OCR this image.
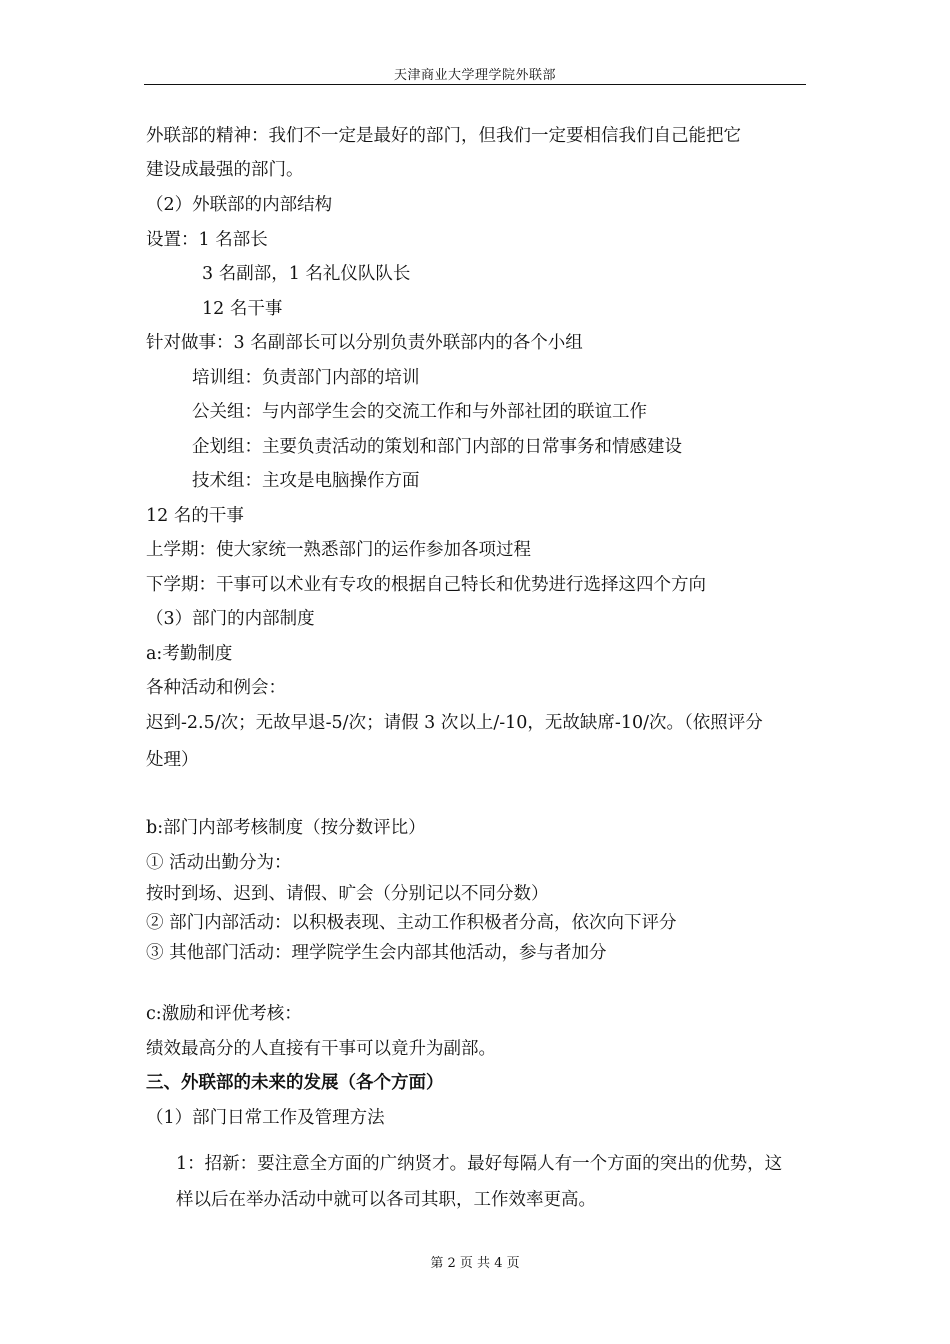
天津商业大学理学院外联部
外联部的精神：我们不一定是最好的部门，但我们一定要相信我们自己能把它
建设成最强的部门。
（2）外联部的内部结构
设置：1 名部长
3 名副部，1 名礼仪队队长
12 名干事
针对做事：3 名副部长可以分别负责外联部内的各个小组
培训组：负责部门内部的培训
公关组：与内部学生会的交流工作和与外部社团的联谊工作
企划组：主要负责活动的策划和部门内部的日常事务和情感建设
技术组：主攻是电脑操作方面
12 名的干事
上学期：使大家统一熟悉部门的运作参加各项过程
下学期：干事可以术业有专攻的根据自己特长和优势进行选择这四个方向
（3）部门的内部制度
a:考勤制度
各种活动和例会：
迟到-2.5/次；无故早退-5/次；请假 3 次以上/-10，无故缺席-10/次。（依照评分
处理）
b:部门内部考核制度（按分数评比）
① 活动出勤分为：
按时到场、迟到、请假、旷会（分别记以不同分数）
② 部门内部活动：以积极表现、主动工作积极者分高，依次向下评分
③ 其他部门活动：理学院学生会内部其他活动，参与者加分
c:激励和评优考核：
绩效最高分的人直接有干事可以竟升为副部。
三、外联部的未来的发展（各个方面）
（1）部门日常工作及管理方法
1：招新：要注意全方面的广纳贤才。最好每隔人有一个方面的突出的优势，这
样以后在举办活动中就可以各司其职，工作效率更高。
第 2 页 共 4 页
